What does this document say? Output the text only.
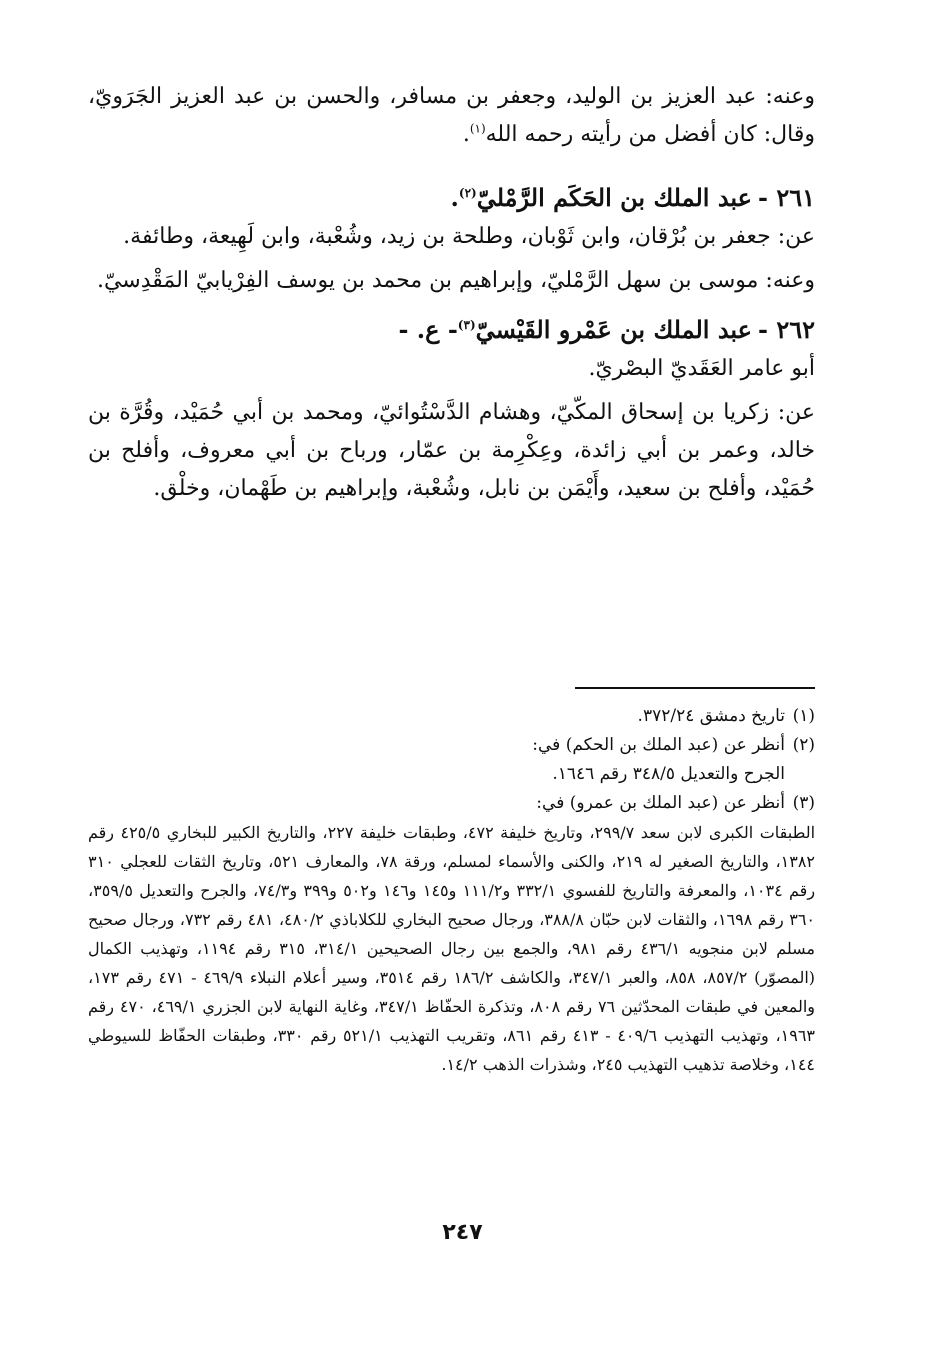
وعنه: عبد العزيز بن الوليد، وجعفر بن مسافر، والحسن بن عبد العزيز الجَرَويّ، وقال: كان أفضل من رأيته رحمه الله$^{(١)}$.

٢٦١ -عبد الملك بن الحَكَم الرَّمْليّ$^{(٢)}$.

عن: جعفر بن بُرْقان، وابن ثَوْبان، وطلحة بن زيد، وشُعْبة، وابن لَهِيعة، وطائفة.

وعنه: موسى بن سهل الرَّمْليّ، وإبراهيم بن محمد بن يوسف الفِرْيابيّ المَقْدِسيّ.

٢٦٢ -عبد الملك بن عَمْرو القَيْسيّ$^{(٣)}$- ع. -

أبو عامر العَقَديّ البصْريّ.

عن: زكريا بن إسحاق المكّيّ، وهشام الدَّسْتُوائيّ، ومحمد بن أبي حُمَيْد، وقُرَّة بن خالد، وعمر بن أبي زائدة، وعِكْرِمة بن عمّار، ورباح بن أبي معروف، وأفلح بن حُمَيْد، وأفلح بن سعيد، وأَيْمَن بن نابل، وشُعْبة، وإبراهيم بن طَهْمان، وخلْق.

(١)تاريخ دمشق ٣٧٢/٢٤.

(٢)أنظر عن (عبد الملك بن الحكم) في:

الجرح والتعديل ٣٤٨/٥ رقم ١٦٤٦.

(٣)أنظر عن (عبد الملك بن عمرو) في:

الطبقات الكبرى لابن سعد ٢٩٩/٧، وتاريخ خليفة ٤٧٢، وطبقات خليفة ٢٢٧، والتاريخ الكبير للبخاري ٤٢٥/٥ رقم ١٣٨٢، والتاريخ الصغير له ٢١٩، والكنى والأسماء لمسلم، ورقة ٧٨، والمعارف ٥٢١، وتاريخ الثقات للعجلي ٣١٠ رقم ١٠٣٤، والمعرفة والتاريخ للفسوي ٣٣٢/١ و١١١/٢ و١٤٥ و١٤٦ و٥٠٢ و٣٩٩ و٧٤/٣، والجرح والتعديل ٣٥٩/٥، ٣٦٠ رقم ١٦٩٨، والثقات لابن حبّان ٣٨٨/٨، ورجال صحيح البخاري للكلاباذي ٤٨٠/٢، ٤٨١ رقم ٧٣٢، ورجال صحيح مسلم لابن منجويه ٤٣٦/١ رقم ٩٨١، والجمع بين رجال الصحيحين ٣١٤/١، ٣١٥ رقم ١١٩٤، وتهذيب الكمال (المصوّر) ٨٥٧/٢، ٨٥٨، والعبر ٣٤٧/١، والكاشف ١٨٦/٢ رقم ٣٥١٤، وسير أعلام النبلاء ٤٦٩/٩ - ٤٧١ رقم ١٧٣، والمعين في طبقات المحدّثين ٧٦ رقم ٨٠٨، وتذكرة الحفّاظ ٣٤٧/١، وغاية النهاية لابن الجزري ٤٦٩/١، ٤٧٠ رقم ١٩٦٣، وتهذيب التهذيب ٤٠٩/٦ - ٤١٣ رقم ٨٦١، وتقريب التهذيب ٥٢١/١ رقم ٣٣٠، وطبقات الحفّاظ للسيوطي ١٤٤، وخلاصة تذهيب التهذيب ٢٤٥، وشذرات الذهب ١٤/٢.

٢٤٧
